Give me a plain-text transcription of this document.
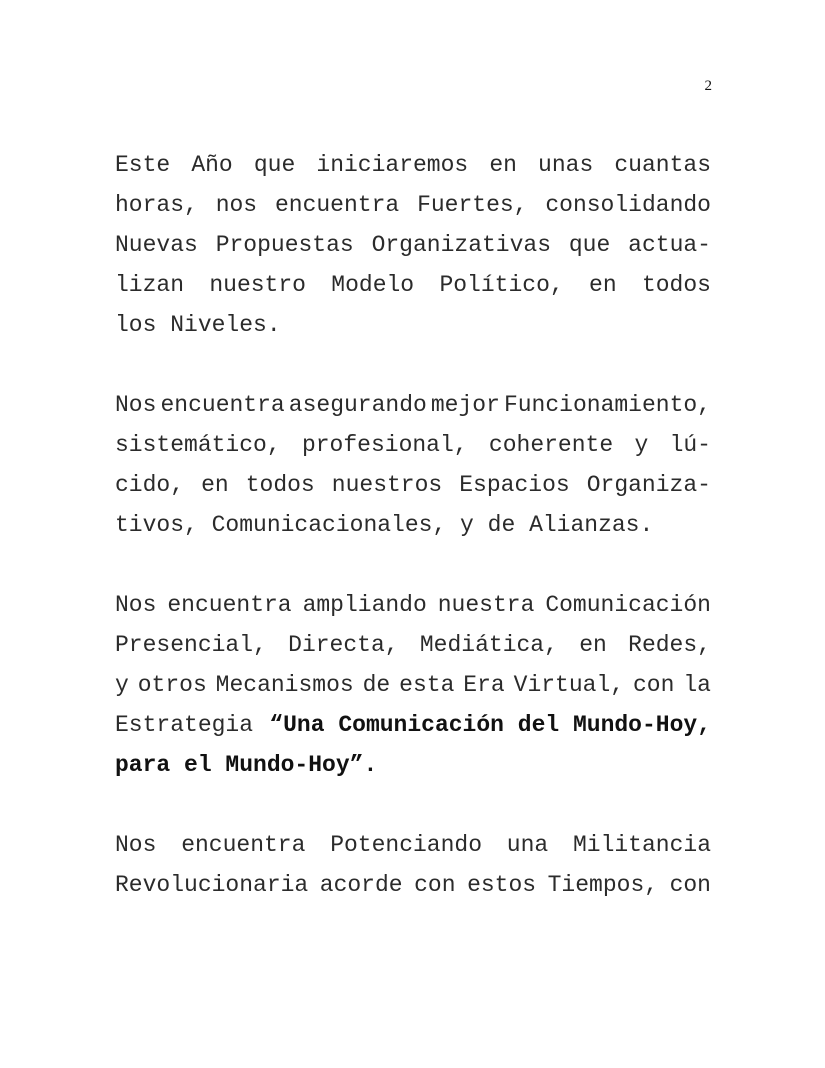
2
Este Año que iniciaremos en unas cuantas
horas, nos encuentra Fuertes, consolidando
Nuevas Propuestas Organizativas que actua-
lizan nuestro Modelo Político, en todos
los Niveles.
Nos encuentra asegurando mejor Funcionamiento,
sistemático, profesional, coherente y lú-
cido, en todos nuestros Espacios Organiza-
tivos, Comunicacionales, y de Alianzas.
Nos encuentra ampliando nuestra Comunicación
Presencial, Directa, Mediática, en Redes,
y otros Mecanismos de esta Era Virtual, con la
Estrategia “Una Comunicación del Mundo-Hoy,
para el Mundo-Hoy”.
Nos encuentra Potenciando una Militancia
Revolucionaria acorde con estos Tiempos, con
